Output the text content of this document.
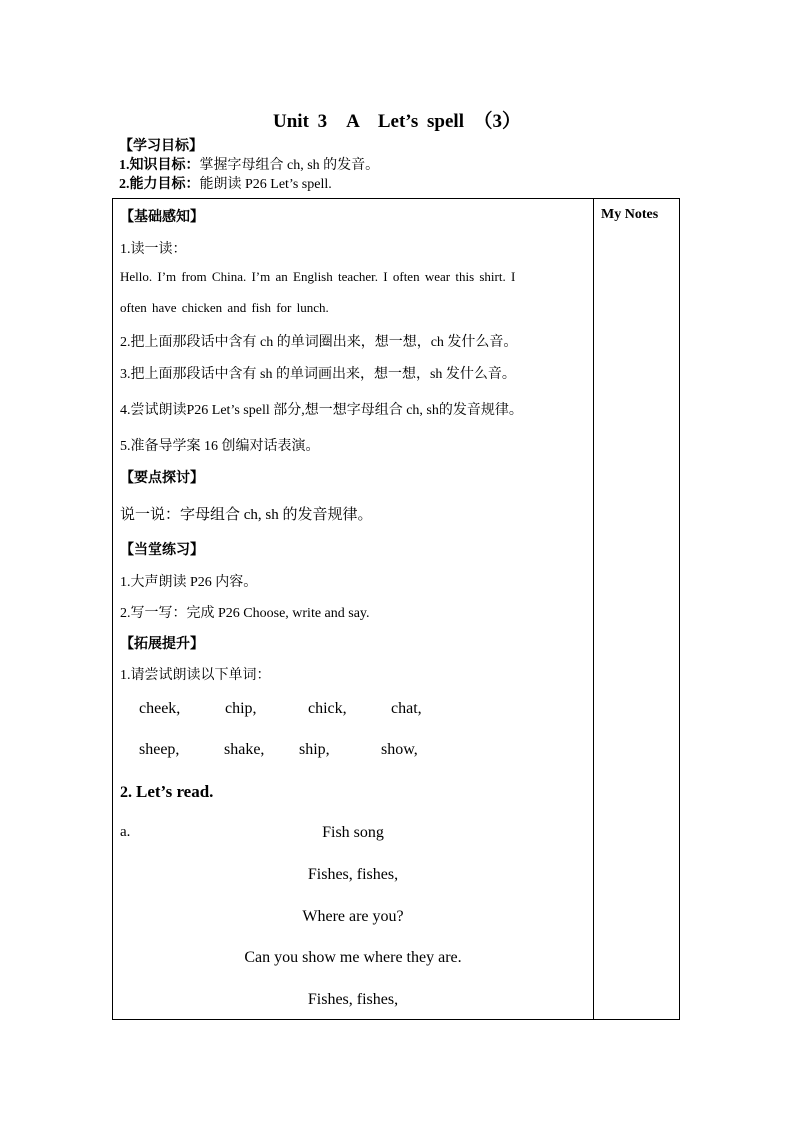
Unit 3　A　Let’s spell　（3）
【学习目标】
1.知识目标：掌握字母组合 ch, sh 的发音。
2.能力目标：能朗读 P26 Let’s spell.
My Notes
【基础感知】
1.读一读：
Hello. I’m from China. I’m an English teacher. I often wear this shirt. I
often have chicken and fish for lunch.
2.把上面那段话中含有 ch 的单词圈出来，想一想，ch 发什么音。
3.把上面那段话中含有 sh 的单词画出来，想一想，sh 发什么音。
4.尝试朗读P26 Let’s spell 部分,想一想字母组合 ch, sh的发音规律。
5.准备导学案 16 创编对话表演。
【要点探讨】
说一说：字母组合 ch, sh 的发音规律。
【当堂练习】
1.大声朗读 P26 内容。
2.写一写：完成 P26 Choose, write and say.
【拓展提升】
1.请尝试朗读以下单词：
cheek,	chip,	chick,	chat,
sheep,	shake, ship,	show,
2. Let’s read.
a.	Fish song
Fishes, fishes,
Where are you?
Can you show me where they are.
Fishes, fishes,
